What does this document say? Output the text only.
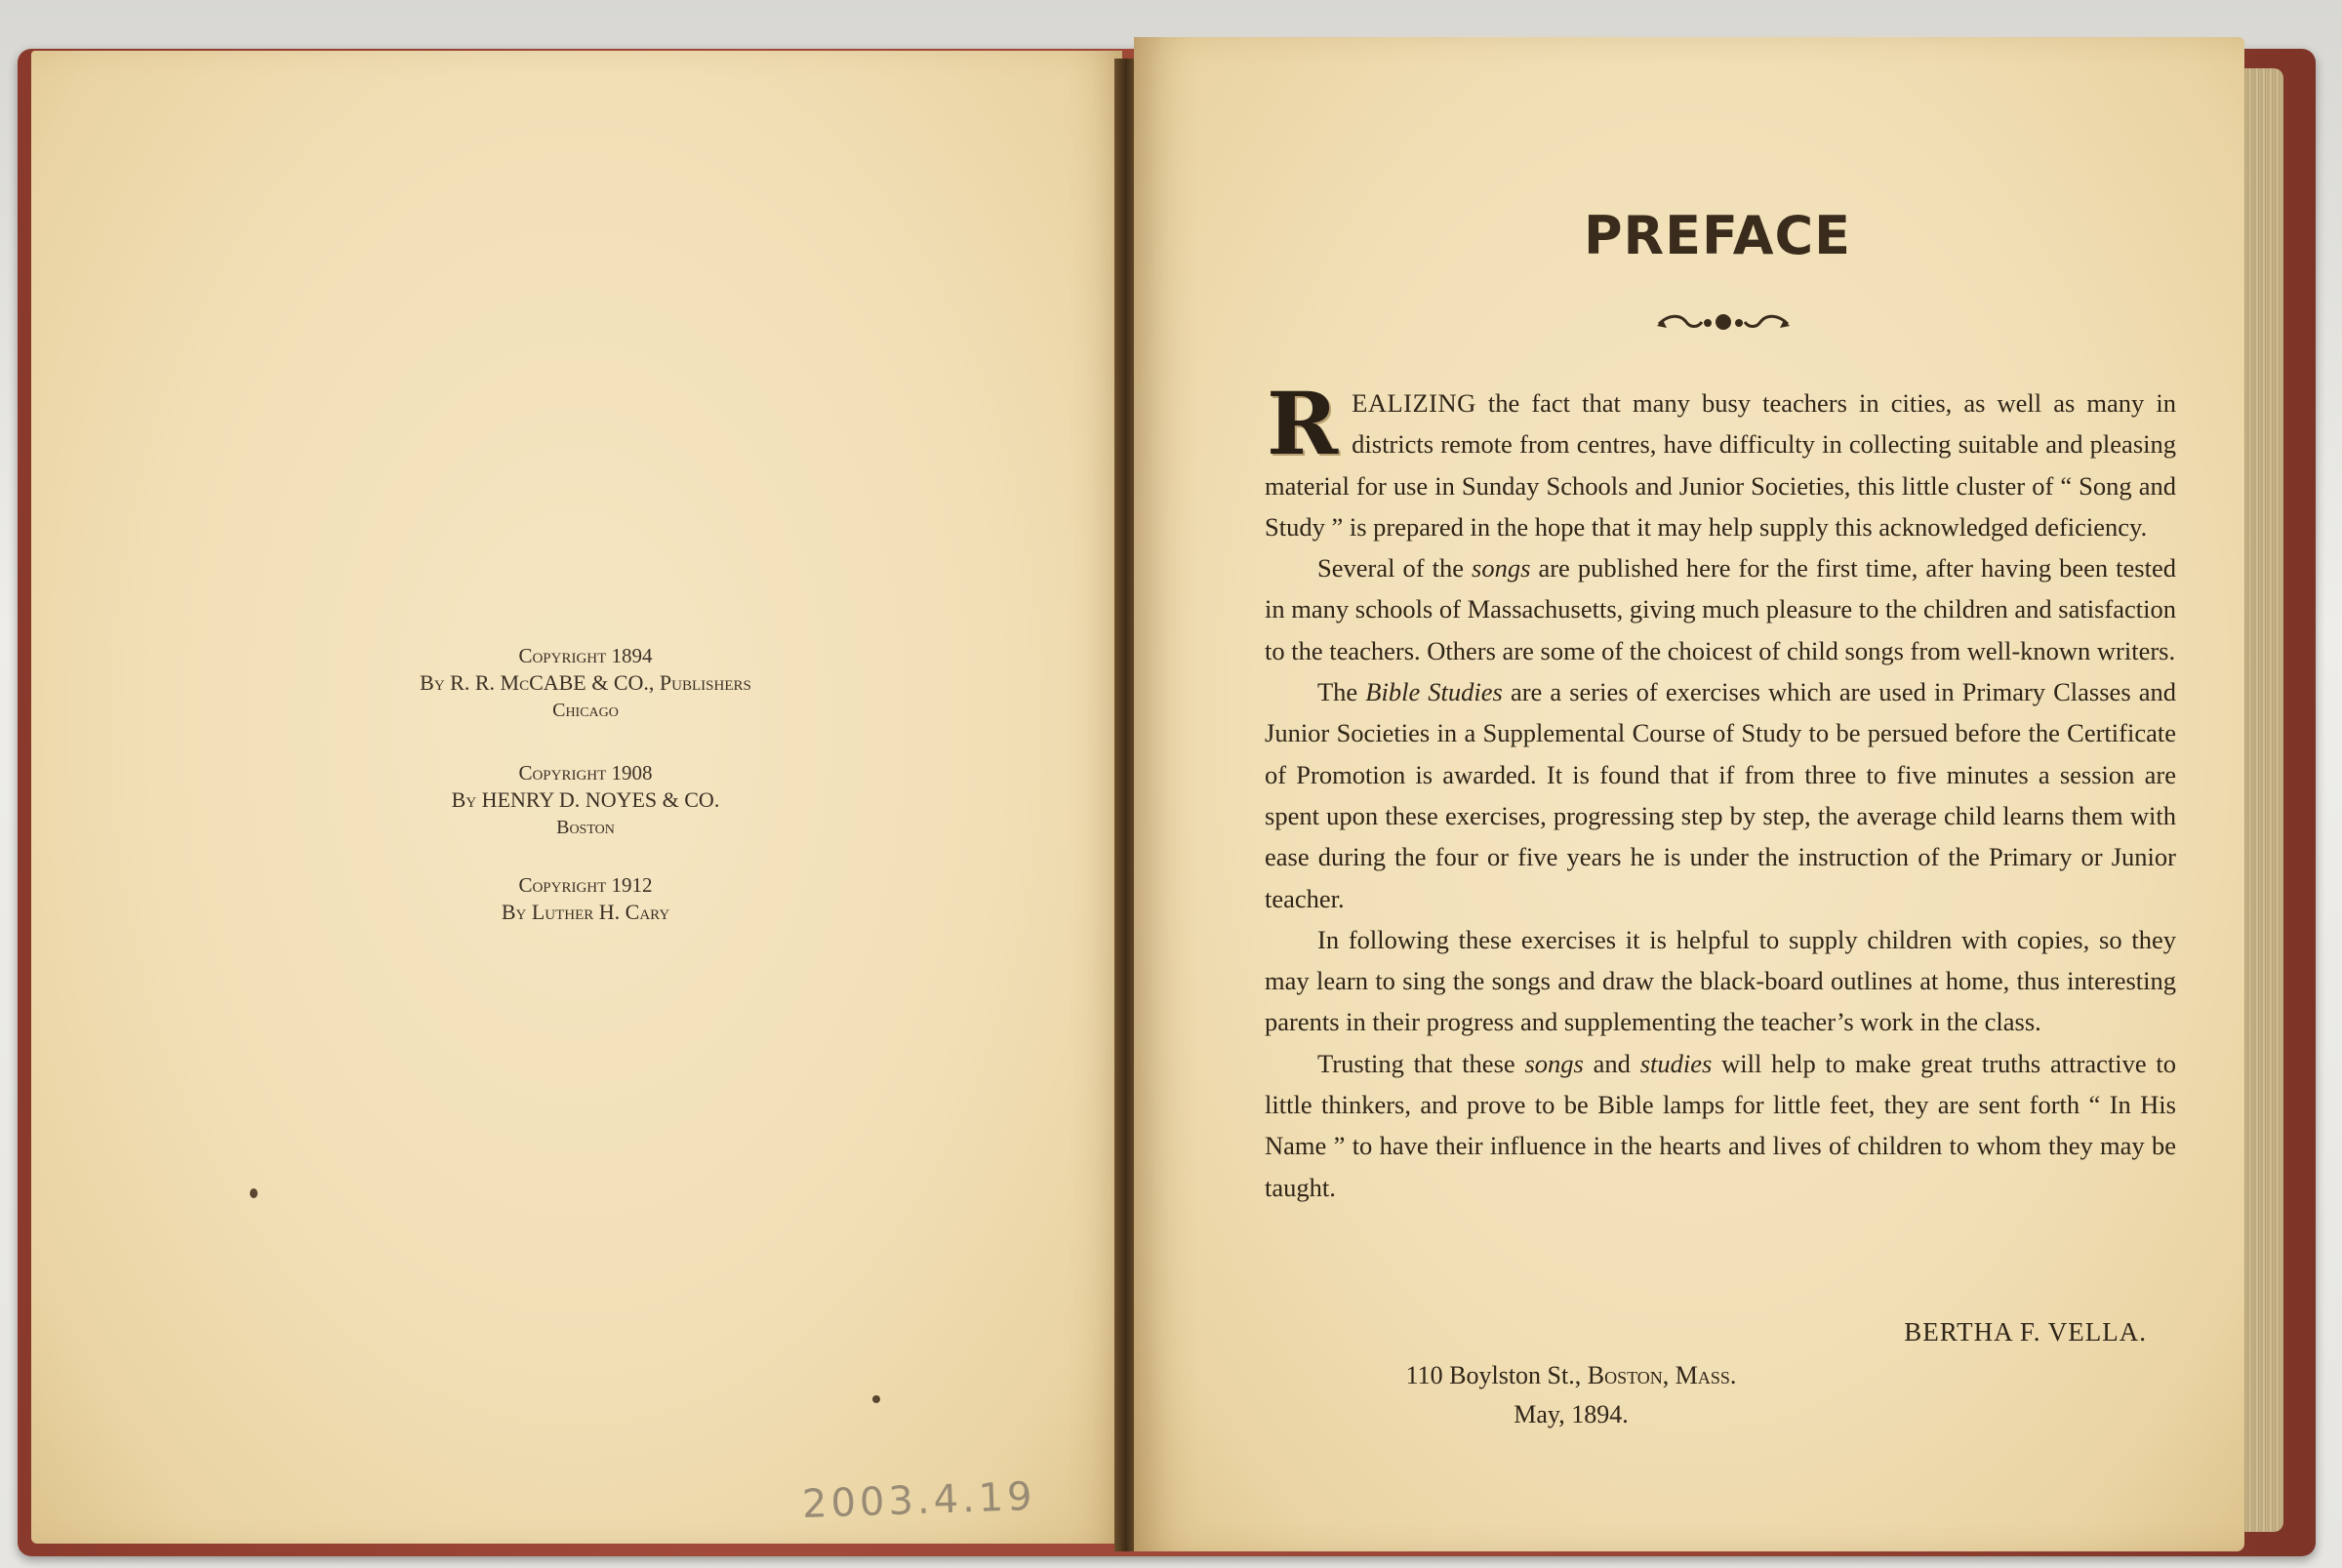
Copyright 1894
By R. R. McCABE & CO., Publishers
Chicago
Copyright 1908
By HENRY D. NOYES & CO.
Boston
Copyright 1912
By Luther H. Cary
2003.4.19
PREFACE

REALIZING the fact that many busy teachers in cities, as well as many in districts remote from centres, have difficulty in collecting suitable and pleasing material for use in Sunday Schools and Junior Societies, this little cluster of “ Song and Study ” is prepared in the hope that it may help supply this acknowledged deficiency.

Several of the songs are published here for the first time, after having been tested in many schools of Massachusetts, giving much pleasure to the children and satisfaction to the teachers. Others are some of the choicest of child songs from well-known writers.

The Bible Studies are a series of exercises which are used in Primary Classes and Junior Societies in a Supplemental Course of Study to be persued before the Certificate of Promotion is awarded. It is found that if from three to five minutes a session are spent upon these exercises, progressing step by step, the average child learns them with ease during the four or five years he is under the instruction of the Primary or Junior teacher.

In following these exercises it is helpful to supply children with copies, so they may learn to sing the songs and draw the black-board outlines at home, thus interesting parents in their progress and supplementing the teacher’s work in the class.

Trusting that these songs and studies will help to make great truths attractive to little thinkers, and prove to be Bible lamps for little feet, they are sent forth “ In His Name ” to have their influence in the hearts and lives of children to whom they may be taught.

BERTHA F. VELLA.
110 Boylston St., Boston, Mass.
May, 1894.
